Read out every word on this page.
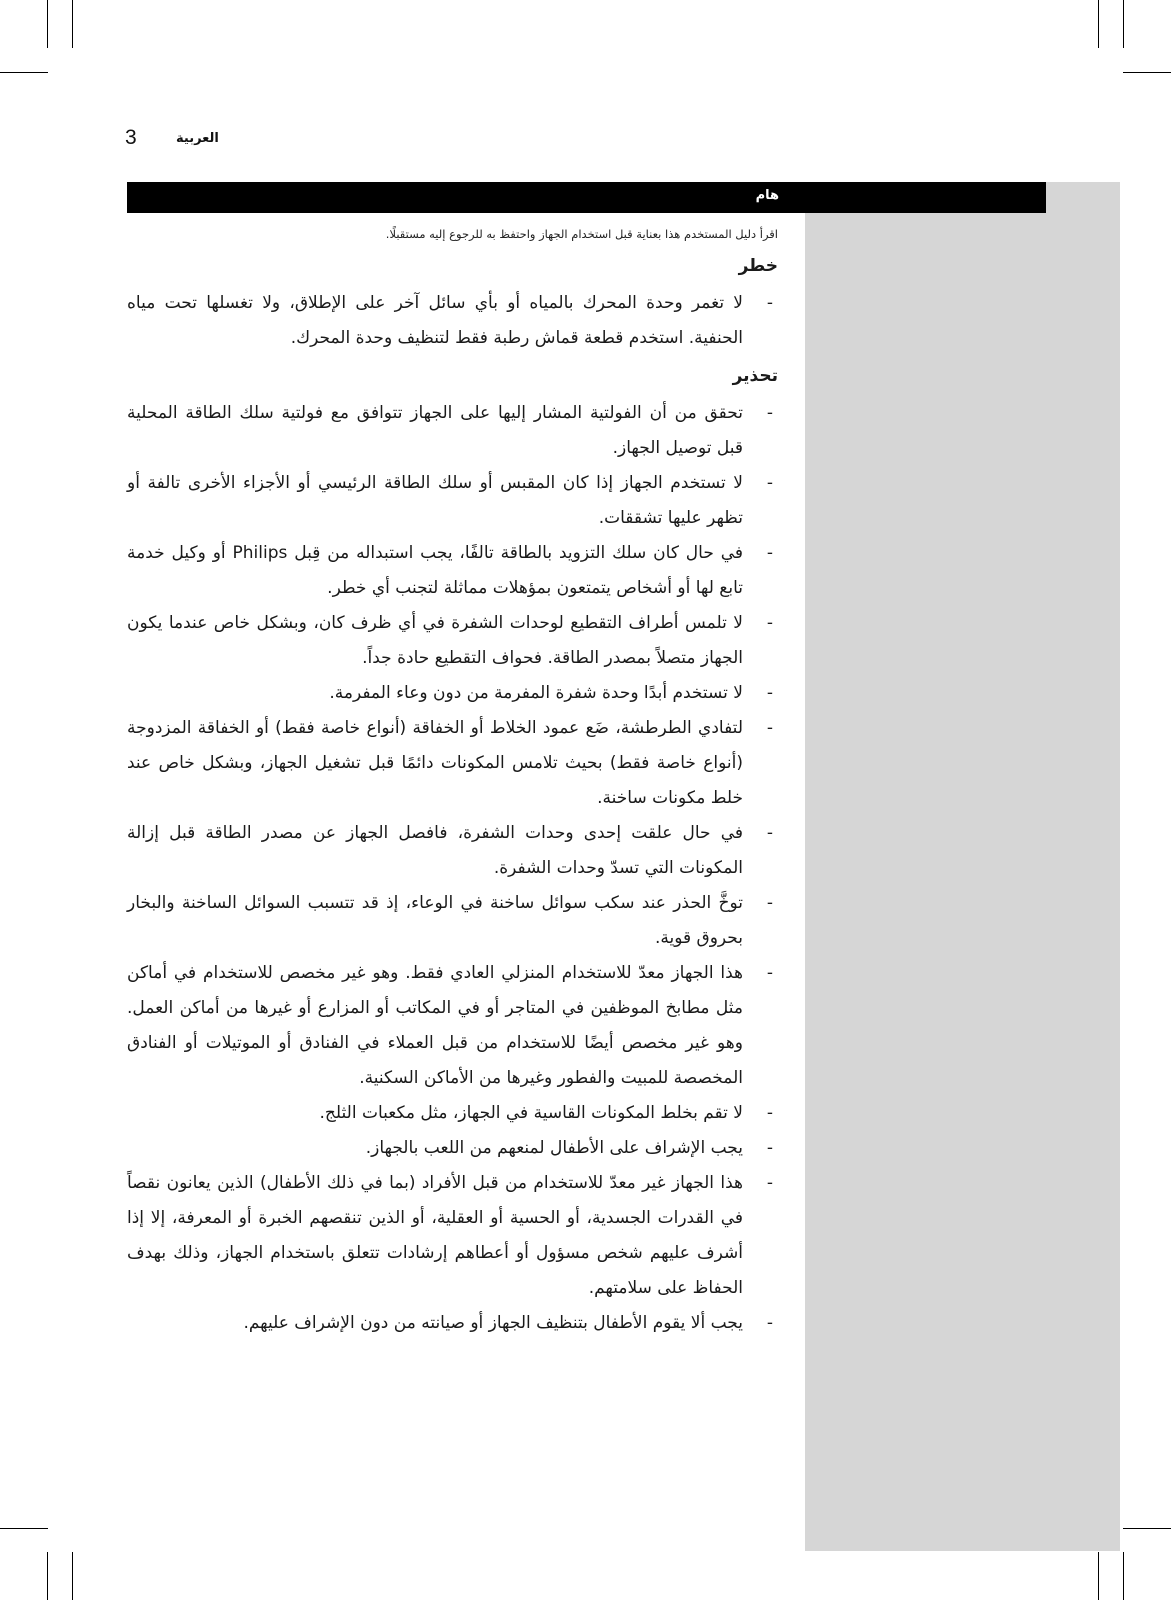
3	العربية
هام

اقرأ دليل المستخدم هذا بعناية قبل استخدام الجهاز واحتفظ به للرجوع إليه مستقبلًا.

خطر

- لا تغمر وحدة المحرك بالمياه أو بأي سائل آخر على الإطلاق، ولا تغسلها تحت مياه الحنفية. استخدم قطعة قماش رطبة فقط لتنظيف وحدة المحرك.

تحذير

- تحقق من أن الفولتية المشار إليها على الجهاز تتوافق مع فولتية سلك الطاقة المحلية قبل توصيل الجهاز.
- لا تستخدم الجهاز إذا كان المقبس أو سلك الطاقة الرئيسي أو الأجزاء الأخرى تالفة أو تظهر عليها تشققات.
- في حال كان سلك التزويد بالطاقة تالفًا، يجب استبداله من قِبل Philips أو وكيل خدمة تابع لها أو أشخاص يتمتعون بمؤهلات مماثلة لتجنب أي خطر.
- لا تلمس أطراف التقطيع لوحدات الشفرة في أي ظرف كان، وبشكل خاص عندما يكون الجهاز متصلاً بمصدر الطاقة. فحواف التقطيع حادة جداً.
- لا تستخدم أبدًا وحدة شفرة المفرمة من دون وعاء المفرمة.
- لتفادي الطرطشة، ضَع عمود الخلاط أو الخفاقة (أنواع خاصة فقط) أو الخفاقة المزدوجة (أنواع خاصة فقط) بحيث تلامس المكونات دائمًا قبل تشغيل الجهاز، وبشكل خاص عند خلط مكونات ساخنة.
- في حال علقت إحدى وحدات الشفرة، فافصل الجهاز عن مصدر الطاقة قبل إزالة المكونات التي تسدّ وحدات الشفرة.
- توخَّ الحذر عند سكب سوائل ساخنة في الوعاء، إذ قد تتسبب السوائل الساخنة والبخار بحروق قوية.
- هذا الجهاز معدّ للاستخدام المنزلي العادي فقط. وهو غير مخصص للاستخدام في أماكن مثل مطابخ الموظفين في المتاجر أو في المكاتب أو المزارع أو غيرها من أماكن العمل. وهو غير مخصص أيضًا للاستخدام من قبل العملاء في الفنادق أو الموتيلات أو الفنادق المخصصة للمبيت والفطور وغيرها من الأماكن السكنية.
- لا تقم بخلط المكونات القاسية في الجهاز، مثل مكعبات الثلج.
- يجب الإشراف على الأطفال لمنعهم من اللعب بالجهاز.
- هذا الجهاز غير معدّ للاستخدام من قبل الأفراد (بما في ذلك الأطفال) الذين يعانون نقصاً في القدرات الجسدية، أو الحسية أو العقلية، أو الذين تنقصهم الخبرة أو المعرفة، إلا إذا أشرف عليهم شخص مسؤول أو أعطاهم إرشادات تتعلق باستخدام الجهاز، وذلك بهدف الحفاظ على سلامتهم.
- يجب ألا يقوم الأطفال بتنظيف الجهاز أو صيانته من دون الإشراف عليهم.
